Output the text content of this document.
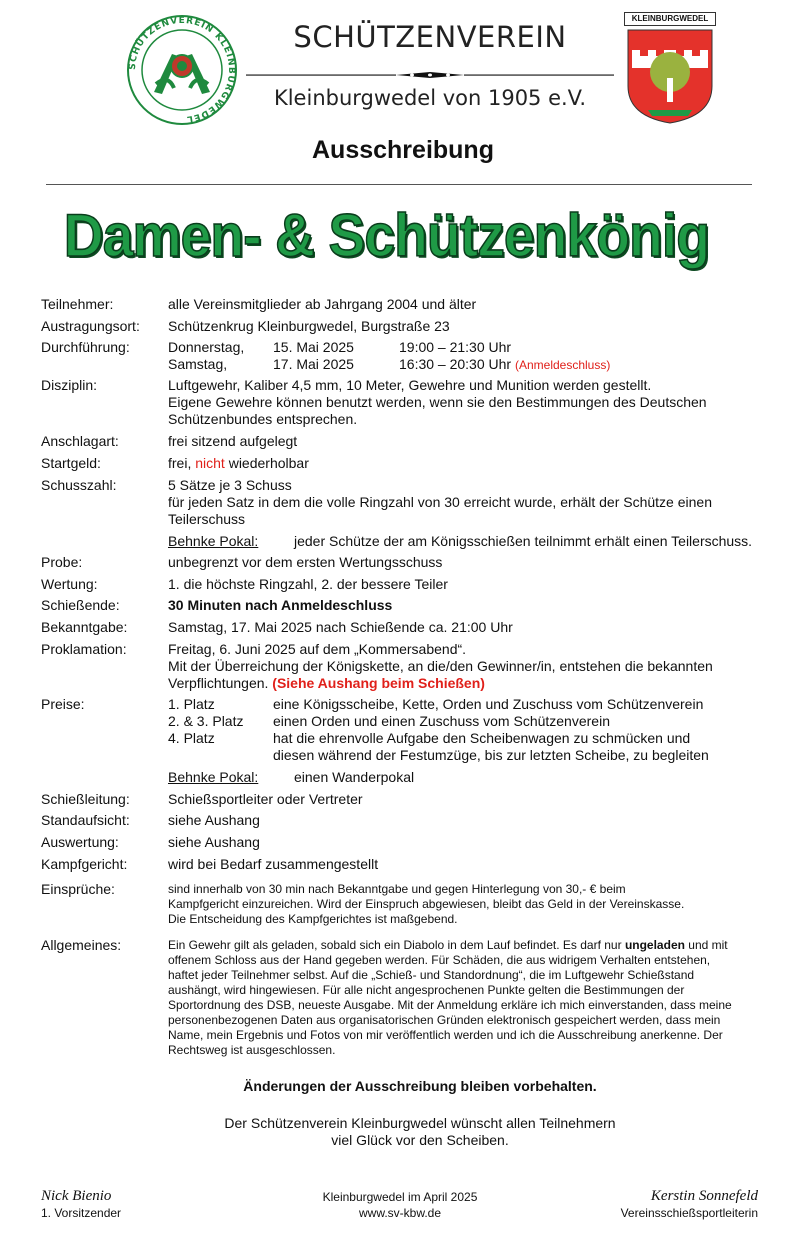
SCHÜTZENVEREIN KLEINBURGWEDEL
SCHÜTZENVEREIN
Kleinburgwedel von 1905 e.V.
KLEINBURGWEDEL
Ausschreibung
Damen- & Schützenkönig
Teilnehmer:	alle Vereinsmitglieder ab Jahrgang 2004 und älter
Austragungsort: Schützenkrug Kleinburgwedel, Burgstraße 23
Durchführung:	Donnerstag, 15. Mai 2025	19:00 – 21:30 Uhr
Samstag,	17. Mai 2025	16:30 – 20:30 Uhr (Anmeldeschluss)
Disziplin:	Luftgewehr, Kaliber 4,5 mm, 10 Meter, Gewehre und Munition werden gestellt.
Eigene Gewehre können benutzt werden, wenn sie den Bestimmungen des Deutschen
Schützenbundes entsprechen.
Anschlagart:	frei sitzend aufgelegt
Startgeld:	frei, nicht wiederholbar
Schusszahl:	5 Sätze je 3 Schuss
für jeden Satz in dem die volle Ringzahl von 30 erreicht wurde, erhält der Schütze einen
Teilerschuss
Behnke Pokal:	jeder Schütze der am Königsschießen teilnimmt erhält einen Teilerschuss.
Probe:	unbegrenzt vor dem ersten Wertungsschuss
Wertung:	1. die höchste Ringzahl, 2. der bessere Teiler
Schießende:	30 Minuten nach Anmeldeschluss
Bekanntgabe:	Samstag, 17. Mai 2025 nach Schießende ca. 21:00 Uhr
Proklamation:	Freitag, 6. Juni 2025 auf dem „Kommersabend“.
Mit der Überreichung der Königskette, an die/den Gewinner/in, entstehen die bekannten
Verpflichtungen. (Siehe Aushang beim Schießen)
Preise:	1. Platz	eine Königsscheibe, Kette, Orden und Zuschuss vom Schützenverein
2. & 3. Platz einen Orden und einen Zuschuss vom Schützenverein
4. Platz	hat die ehrenvolle Aufgabe den Scheibenwagen zu schmücken und
diesen während der Festumzüge, bis zur letzten Scheibe, zu begleiten
Behnke Pokal:	einen Wanderpokal
Schießleitung:	Schießsportleiter oder Vertreter
Standaufsicht:	siehe Aushang
Auswertung:	siehe Aushang
Kampfgericht:	wird bei Bedarf zusammengestellt
Einsprüche:	sind innerhalb von 30 min nach Bekanntgabe und gegen Hinterlegung von 30,- € beim
Kampfgericht einzureichen. Wird der Einspruch abgewiesen, bleibt das Geld in der Vereinskasse.
Die Entscheidung des Kampfgerichtes ist maßgebend.
Allgemeines:	Ein Gewehr gilt als geladen, sobald sich ein Diabolo in dem Lauf befindet. Es darf nur ungeladen und mit
offenem Schloss aus der Hand gegeben werden. Für Schäden, die aus widrigem Verhalten entstehen,
haftet jeder Teilnehmer selbst. Auf die „Schieß- und Standordnung“, die im Luftgewehr Schießstand
aushängt, wird hingewiesen. Für alle nicht angesprochenen Punkte gelten die Bestimmungen der
Sportordnung des DSB, neueste Ausgabe. Mit der Anmeldung erkläre ich mich einverstanden, dass meine
personenbezogenen Daten aus organisatorischen Gründen elektronisch gespeichert werden, dass mein
Name, mein Ergebnis und Fotos von mir veröffentlich werden und ich die Ausschreibung anerkenne. Der
Rechtsweg ist ausgeschlossen.
Änderungen der Ausschreibung bleiben vorbehalten.
Der Schützenverein Kleinburgwedel wünscht allen Teilnehmern
viel Glück vor den Scheiben.
Nick Bienio
1. Vorsitzender
Kleinburgwedel im April 2025
www.sv-kbw.de
Kerstin Sonnefeld
Vereinsschießsportleiterin
